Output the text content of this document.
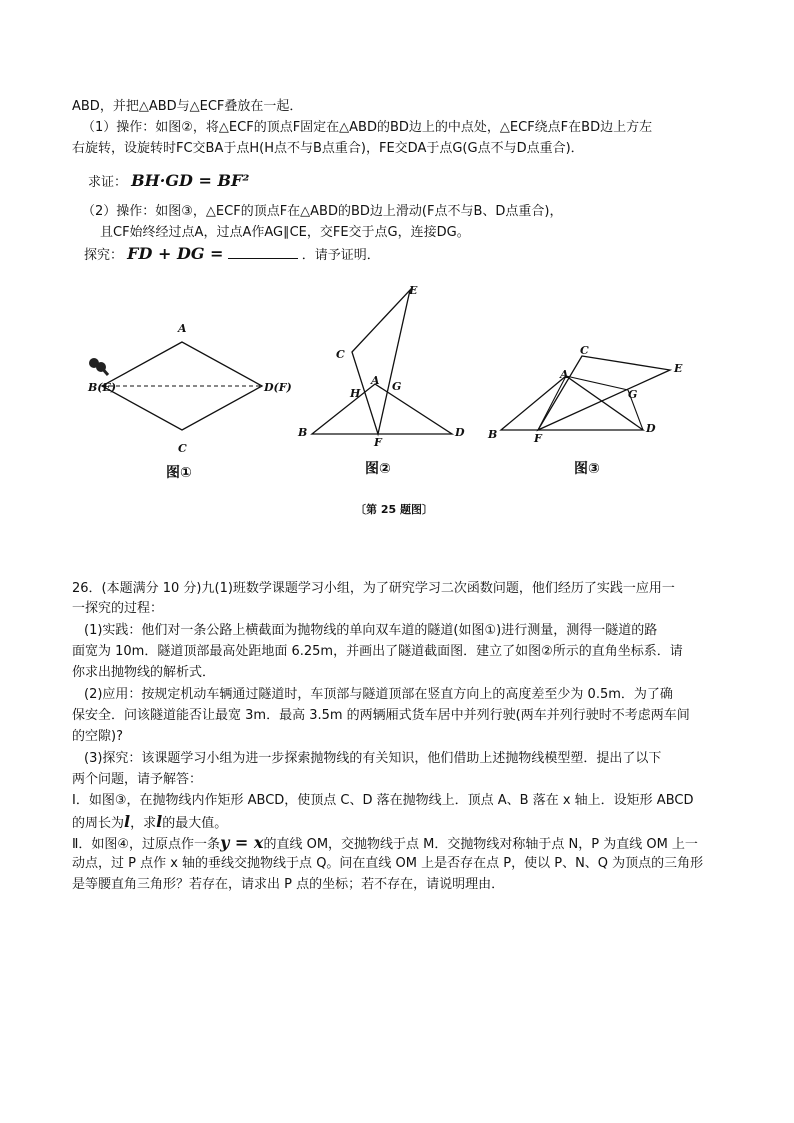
ABD，并把△ABD与△ECF叠放在一起．
（1）操作：如图②，将△ECF的顶点F固定在△ABD的BD边上的中点处，△ECF绕点F在BD边上方左
右旋转，设旋转时FC交BA于点H(H点不与B点重合)，FE交DA于点G(G点不与D点重合)．
求证： BH·GD = BF²
（2）操作：如图③，△ECF的顶点F在△ABD的BD边上滑动(F点不与B、D点重合)，
且CF始终经过点A，过点A作AG∥CE，交FE交于点G，连接DG。
探究： FD + DG =	．请予证明．
A
B(E)	D(F)
C
E
C
A
H
G
B
F
D
C
E
A
G
B	F
D
图①	图②	图③
〔第 25 题图〕
26．(本题满分 10 分)九(1)班数学课题学习小组，为了研究学习二次函数问题，他们经历了实践一应用一
一探究的过程：
(1)实践：他们对一条公路上横截面为抛物线的单向双车道的隧道(如图①)进行测量，测得一隧道的路
面宽为 10m．隧道顶部最高处距地面 6.25m，并画出了隧道截面图．建立了如图②所示的直角坐标系．请
你求出抛物线的解析式．
(2)应用：按规定机动车辆通过隧道时，车顶部与隧道顶部在竖直方向上的高度差至少为 0.5m．为了确
保安全．问该隧道能否让最宽 3m．最高 3.5m 的两辆厢式货车居中并列行驶(两车并列行驶时不考虑两车间
的空隙)?
(3)探究：该课题学习小组为进一步探索抛物线的有关知识，他们借助上述抛物线模型塑．提出了以下
两个问题，请予解答：
Ⅰ．如图③，在抛物线内作矩形 ABCD，使顶点 C、D 落在抛物线上．顶点 A、B 落在 x 轴上．设矩形 ABCD
的周长为l，求l的最大值。
Ⅱ．如图④，过原点作一条y = x的直线 OM，交抛物线于点 M．交抛物线对称轴于点 N，P 为直线 OM 上一
动点，过 P 点作 x 轴的垂线交抛物线于点 Q。问在直线 OM 上是否存在点 P，使以 P、N、Q 为顶点的三角形
是等腰直角三角形？若存在，请求出 P 点的坐标；若不存在，请说明理由．
